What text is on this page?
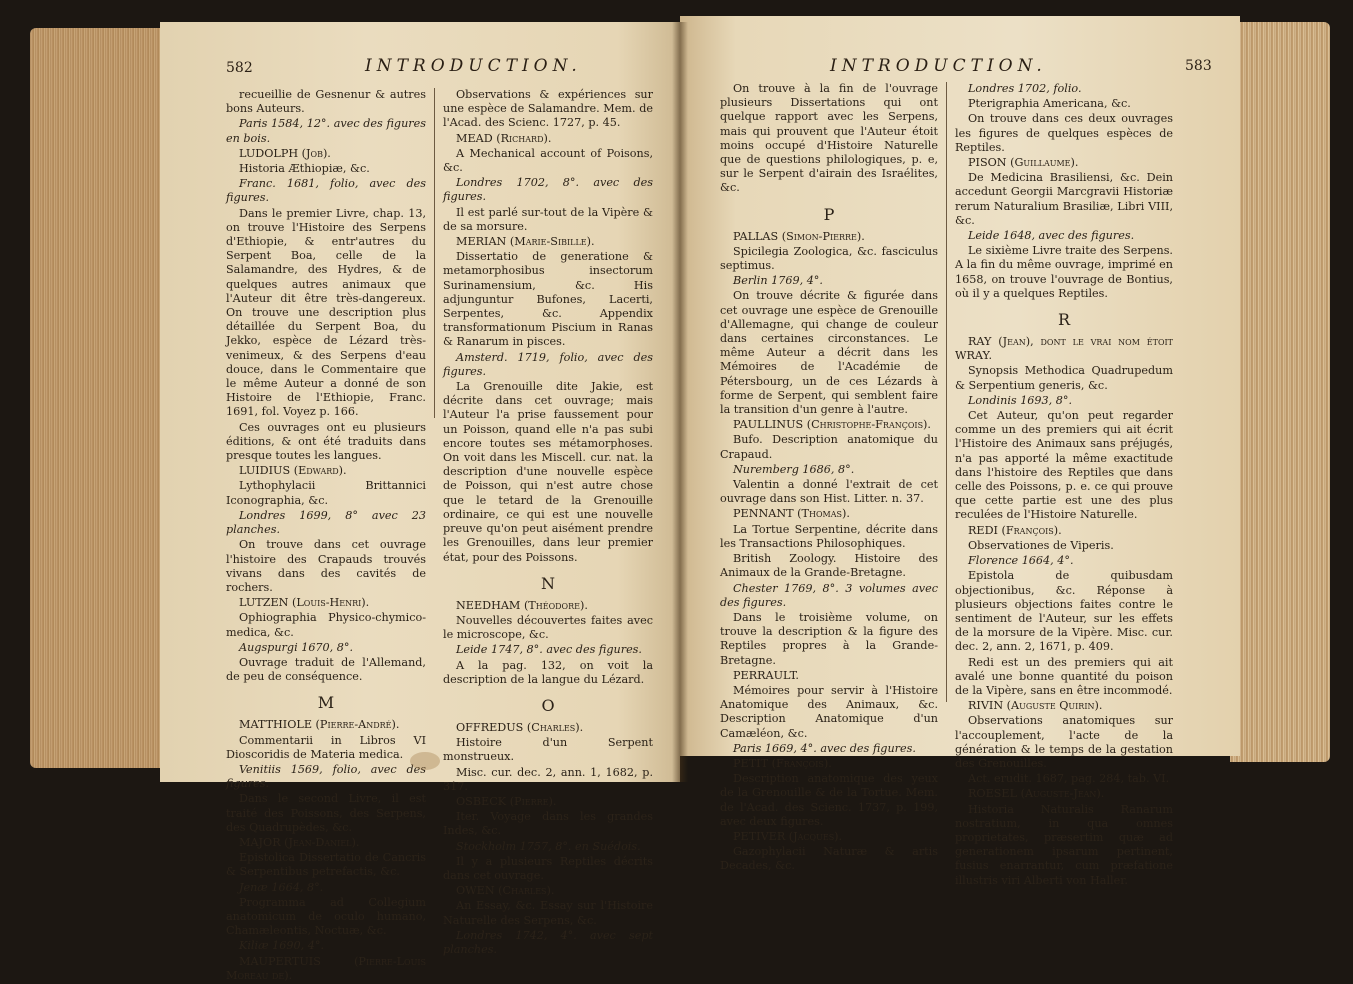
582	INTRODUCTION.

recueillie de Gesnenur & autres bons Auteurs.

Paris 1584, 12°. avec des figures en bois.

LUDOLPH (Job).

Historia Æthiopiæ, &c.

Franc. 1681, folio, avec des figures.

Dans le premier Livre, chap. 13, on trouve l'Histoire des Serpens d'Ethiopie, & entr'autres du Serpent Boa, celle de la Salamandre, des Hydres, & de quelques autres animaux que l'Auteur dit être très-dangereux. On trouve une description plus détaillée du Serpent Boa, du Jekko, espèce de Lézard très-venimeux, & des Serpens d'eau douce, dans le Commentaire que le même Auteur a donné de son Histoire de l'Ethiopie, Franc. 1691, fol. Voyez p. 166.

Ces ouvrages ont eu plusieurs éditions, & ont été traduits dans presque toutes les langues.

LUIDIUS (Edward).

Lythophylacii Brittannici Iconographia, &c.

Londres 1699, 8° avec 23 planches.

On trouve dans cet ouvrage l'histoire des Crapauds trouvés vivans dans des cavités de rochers.

LUTZEN (Louis-Henri).

Ophiographia Physico-chymico-medica, &c.

Augspurgi 1670, 8°.

Ouvrage traduit de l'Allemand, de peu de conséquence.

M

MATTHIOLE (Pierre-André).

Commentarii in Libros VI Dioscoridis de Materia medica.

Venitiis 1569, folio, avec des figures.

Dans le second Livre, il est traité des Poissons, des Serpens, des Quadrupèdes, &c.

MAJOR (Jean-Daniel).

Epistolica Dissertatio de Cancris & Serpentibus petrefactis, &c.

Jenæ 1664, 8°.

Programma ad Collegium anatomicum de oculo humano, Chamæleontis, Noctuæ, &c.

Kiliæ 1690, 4°.

MAUPERTUIS (Pierre-Louis Moreau de).

Observations & expériences sur une espèce de Salamandre. Mem. de l'Acad. des Scienc. 1727, p. 45.

MEAD (Richard).

A Mechanical account of Poisons, &c.

Londres 1702, 8°. avec des figures.

Il est parlé sur-tout de la Vipère & de sa morsure.

MERIAN (Marie-Sibille).

Dissertatio de generatione & metamorphosibus insectorum Surinamensium, &c. His adjunguntur Bufones, Lacerti, Serpentes, &c. Appendix transformationum Piscium in Ranas & Ranarum in pisces.

Amsterd. 1719, folio, avec des figures.

La Grenouille dite Jakie, est décrite dans cet ouvrage; mais l'Auteur l'a prise faussement pour un Poisson, quand elle n'a pas subi encore toutes ses métamorphoses. On voit dans les Miscell. cur. nat. la description d'une nouvelle espèce de Poisson, qui n'est autre chose que le tetard de la Grenouille ordinaire, ce qui est une nouvelle preuve qu'on peut aisément prendre les Grenouilles, dans leur premier état, pour des Poissons.

N

NEEDHAM (Théodore).

Nouvelles découvertes faites avec le microscope, &c.

Leide 1747, 8°. avec des figures.

A la pag. 132, on voit la description de la langue du Lézard.

O

OFFREDUS (Charles).

Histoire d'un Serpent monstrueux.

Misc. cur. dec. 2, ann. 1, 1682, p. 317.

OSBECK (Pierre).

Iter. Voyage dans les grandes Indes, &c.

Stockholm 1757, 8°. en Suédois.

Il y a plusieurs Reptiles décrits dans cet ouvrage.

OWEN (Charles).

An Essay, &c. Essay sur l'Histoire Naturelle des Serpens, &c.

Londres 1742, 4°. avec sept planches.

INTRODUCTION.	583

On trouve à la fin de l'ouvrage plusieurs Dissertations qui ont quelque rapport avec les Serpens, mais qui prouvent que l'Auteur étoit moins occupé d'Histoire Naturelle que de questions philologiques, p. e, sur le Serpent d'airain des Israélites, &c.

P

PALLAS (Simon-Pierre).

Spicilegia Zoologica, &c. fasciculus septimus.

Berlin 1769, 4°.

On trouve décrite & figurée dans cet ouvrage une espèce de Grenouille d'Allemagne, qui change de couleur dans certaines circonstances. Le même Auteur a décrit dans les Mémoires de l'Académie de Pétersbourg, un de ces Lézards à forme de Serpent, qui semblent faire la transition d'un genre à l'autre.

PAULLINUS (Christophe-François).

Bufo. Description anatomique du Crapaud.

Nuremberg 1686, 8°.

Valentin a donné l'extrait de cet ouvrage dans son Hist. Litter. n. 37.

PENNANT (Thomas).

La Tortue Serpentine, décrite dans les Transactions Philosophiques.

British Zoology. Histoire des Animaux de la Grande-Bretagne.

Chester 1769, 8°. 3 volumes avec des figures.

Dans le troisième volume, on trouve la description & la figure des Reptiles propres à la Grande-Bretagne.

PERRAULT.

Mémoires pour servir à l'Histoire Anatomique des Animaux, &c. Description Anatomique d'un Camæléon, &c.

Paris 1669, 4°. avec des figures.

PETIT (François).

Description anatomique des yeux de la Grenouille & de la Tortue. Mem. de l'Acad. des Scienc. 1737, p. 199, avec deux figures.

PETIVER (Jacques).

Gazophylacii Naturæ & artis Decades, &c.

Londres 1702, folio.

Pterigraphia Americana, &c.

On trouve dans ces deux ouvrages les figures de quelques espèces de Reptiles.

PISON (Guillaume).

De Medicina Brasiliensi, &c. Dein accedunt Georgii Marcgravii Historiæ rerum Naturalium Brasiliæ, Libri VIII, &c.

Leide 1648, avec des figures.

Le sixième Livre traite des Serpens. A la fin du même ouvrage, imprimé en 1658, on trouve l'ouvrage de Bontius, où il y a quelques Reptiles.

R

RAY (Jean), dont le vrai nom étoit WRAY.

Synopsis Methodica Quadrupedum & Serpentium generis, &c.

Londinis 1693, 8°.

Cet Auteur, qu'on peut regarder comme un des premiers qui ait écrit l'Histoire des Animaux sans préjugés, n'a pas apporté la même exactitude dans l'histoire des Reptiles que dans celle des Poissons, p. e. ce qui prouve que cette partie est une des plus reculées de l'Histoire Naturelle.

REDI (François).

Observationes de Viperis.

Florence 1664, 4°.

Epistola de quibusdam objectionibus, &c. Réponse à plusieurs objections faites contre le sentiment de l'Auteur, sur les effets de la morsure de la Vipère. Misc. cur. dec. 2, ann. 2, 1671, p. 409.

Redi est un des premiers qui ait avalé une bonne quantité du poison de la Vipère, sans en être incommodé.

RIVIN (Auguste Quirin).

Observations anatomiques sur l'accouplement, l'acte de la génération & le temps de la gestation des Grenouilles.

Act. erudit. 1687, pag. 284, tab. VI.

ROESEL (Auguste-Jean).

Historia Naturalis Ranarum nostratium, in qua omnes proprietates, præsertim quæ ad generationem ipsarum pertinent, fusius enarrantur, cum præfatione illustris viri Alberti von Haller.
